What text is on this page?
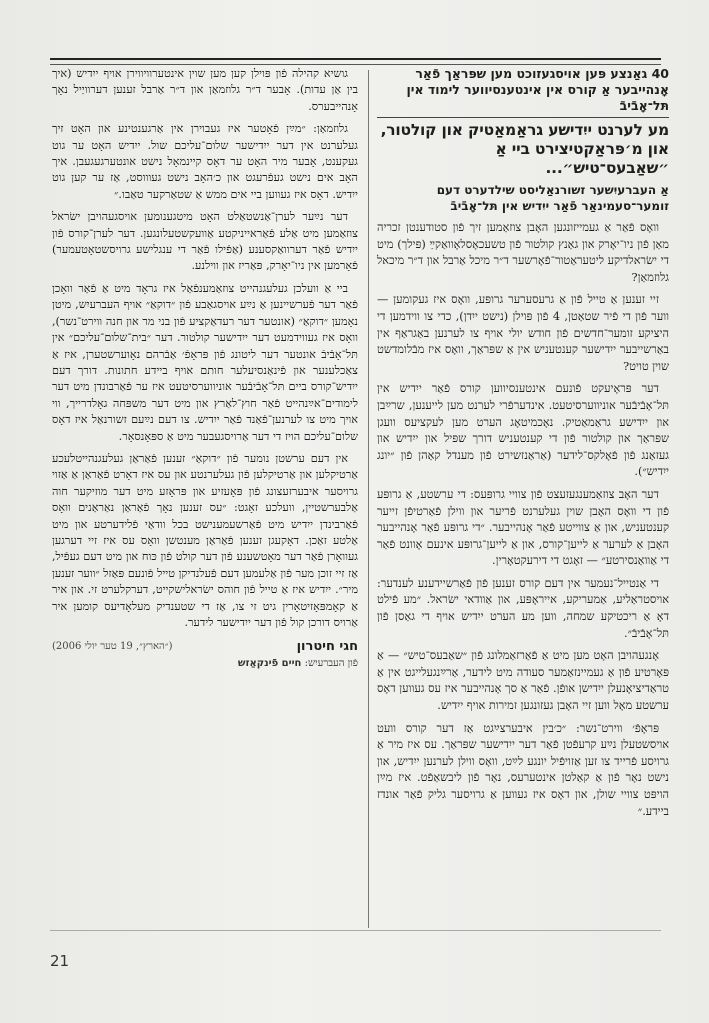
40 גאַנצע פּען אויסגעזוכט מען שפּראַך פֿאַר אָנהייבער אַ קורס אין אינטענסיווער לימוד אין תּל־אָבֿיבֿ
מע לערנט ייִדישע גראַמאַטיק און קולטור, און מ׳פּראַקטיצירט ביי אַ ״שאַבעס־טיש״...
אַ העברעיִשער זשורנאַליסט שילדערט דעם זומער־סעמינאַר פֿאַר ייִדיש אין תּל־אָבֿיבֿ

וואָס פֿאַר אַ געמייזונגען האָבן צוזאַמען זיך פֿון סטודענטן זכריה מאַן פֿון ניו־יאָרק און גאַנץ קולטור פֿון טשעכאָסלאָוואַקײַ (פּילך) מיט די ישׂראלדיקע ליטעראַטור־פֿאָרשער ד״ר מיכל אַרבל און ד״ר מיכאל גלוזמאַן?

זיי זענען אַ טייל פֿון אַ גרעסערער גרופּע, וואָס איז געקומען — ווער פֿון די פֿיר שטאַטן, 4 פֿון פּוילן (נישט ייִדן), כדי צו ווידמען די היציקע זומער־חדשים פֿון חודש יולי אויף צו לערנען באַגראַף אין באַרשייבער ייִדישער קענטעניש אין אַ שפּראַך, וואָס איז מבֿלומדשט שוין טויט?

דער פּראָיעקט פֿונעם אינטענסיווען קורס פֿאַר ייִדיש אין תּל־אָבֿיבֿער אוניווערסיטעט. אינדערפֿרי לערנט מען לייענען, שרײַבן און ייִדישע גראַמאַטיק. נאָכמיטאָג הערט מען לעקציעס וועגן שפּראַך און קולטור פֿון די קענטעניש דורך שפּיל און ייִדיש און געזאַנג פֿון פֿאָלקס־לידער (אַראַנזשירט פֿון מענדל קאַהן פֿון ״יונג ייִדיש״).

דער האָב צוזאַמענגעזעצט פֿון צוויי גרופּעס: די ערשטע, אַ גרופּע פֿון די וואָס האָבן שוין געלערנט פֿריער און ווילן פֿאַרטיפֿן זייער קענטעניש, און אַ צווייטע פֿאַר אָנהייבער. ״די גרופּע פֿאַר אָנהייבער האָבן אַ לערער אַ לייען־קורס, און אַ לייען־גרופּע אינעם אָוונט פֿאַר די אַוואַנסירטע״ — זאָגט די דירעקטאָרין.

די אַנטייל־נעמער אין דעם קורס זענען פֿון פֿאַרשיידענע לענדער: אויסטראַליע, אַמעריקע, אייראָפּע, און אַוודאי ישׂראל. ״מע פֿילט דאָ אַ ריכטיקע שמחה, ווען מע הערט ייִדיש אויף די גאַסן פֿון תּל־אָבֿיבֿ״.

אָנגעהויבן האָט מען מיט אַ פֿאַרזאַמלונג פֿון ״שאַבעס־טיש״ — אַ פּאָרטיע פֿון אַ געמיינזאַמער סעודה מיט לידער, אַרײַנגעלייגט אין אַ טראַדיציאָנעלן ייִדישן אופֿן. פֿאַר אַ סך אָנהייבער איז עס געווען דאָס ערשטע מאָל ווען זיי האָבן געזונגען זמירות אויף ייִדיש.

פּראָפֿ׳ ווירט־נשר: ״כ׳בין איבערצײַגט אַז דער קורס וועט אויסשטעלן נײַע קרעפֿטן פֿאַר דער ייִדישער שפּראַך. עס איז מיר אַ גרויסע פֿרייד צו זען אַזויפֿיל יונגע לײַט, וואָס ווילן לערנען ייִדיש, און נישט נאָר פֿון אַ קאַלטן אינטערעס, נאָר פֿון ליבשאַפֿט. איז מײַן הויפּט צוויי שולן, און דאָס איז געווען אַ גרויסער גליק פֿאַר אונדז ביידע.״

גושיא קהילה פֿון פּוילן קען מען שוין אינטערוויווירן אויף ייִדיש (איך בין אַן עדות). אָבער ד״ר גלוזמאַן און ד״ר אַרבל זענען דערוויַיל נאָך אָנהייבערס.

גלוזמאַן: ״מײַן פֿאָטער איז געבוירן אין אַרגענטינע און האָט זיך געלערנט אין דער ייִדישער שלום־עליכם שול. ייִדיש האָט ער גוט געקענט, אָבער מיר האָט ער דאָס קיינמאָל נישט אונטערגעגעבן. איך האָב אים נישט געפֿרעגט און כ׳האָב נישט געוווסט, אַז ער קען גוט ייִדיש. דאָס איז געווען ביי אים ממש אַ שטאַרקער טאַבו.״

דער נײַער לערן־אַנשטאַלט האָט מיטגענומען אויסגעהויבן ישׂראל צוזאַמען מיט אַלע פֿאַראייניקטע אַוועקשטעלונגען. דער לערן־קורס פֿון ייִדיש פֿאַר דערוואַקסענע (אַפֿילו פֿאַר די ענגלישע גרויסשטאָטעמער) פֿאָרמען אין ניו־יאָרק, פּאַריז און ווילנע.

ביי אַ וועלכן געלעגנהייט צוזאַמענפֿאַל איז גראָד מיט אַ פֿאַר וואָכן פֿאַר דער פֿערשיינען אַ נײַע אויסגאַבע פֿון ״דוקאַ״ אויף העברעיִש, מיטן נאָמען ״דוקאַ״ (אונטער דער רעדאַקציע פֿון בני מר און חנה ווירט־נשר), וואָס איז געווידמעט דער ייִדישער קולטור. דער ״בית־שלום־עליכם״ אין תּל־אָבֿיבֿ אונטער דער ליטונג פֿון פּראָפֿ׳ אַבֿרהם נאָוערשטערן, איז אַ צאַכלענער און פֿינאַנסיעלער חותם אויף ביידע חתונות. דורך דעם ייִדיש־קורס ביים תּל־אָבֿיבֿער אוניווערסיטעט איז ער פֿאַרבונדן מיט דער לימודים־אײַנהייט פֿאַר חוץ־לאַרץ און מיט דער משפּחה גאָלדרייך, ווי אויך מיט צו לערנען־פֿאַנד פֿאַר ייִדיש. צו דעם נײַעם זשורנאַל איז דאָס שלום־עליכם הויז די דער אַרויסגעבער מיט אַ ספּאָנסאָר.

אין דעם ערשטן נומער פֿון ״דוקאַ״ זענען פֿאַראַן געלעגנהייטלעכע אַרטיקלען און אַרטיקלען פֿון געלערנטע און עס איז דאָרט פֿאַראַן אַ אַזוי גרויסער איבערזעצונג פֿון פּאָעזיע און פּראָזע מיט דער מוזיקער חוה אַלבערשטיין, וועלכע זאָגט: ״עס זענען נאָך פֿאַראַן נאַראַנים וואָס פֿאַרבינדן ייִדיש מיט פֿאַרשעמענישט בכל וודאַי פֿלידערטע און מיט אַלטע זאַכן. דאָקעגן זענען פֿאַראַן מענטשן וואָס עס איז זיי דערגען געוואָרן פֿאַר דער מאָטשענע פֿון דער קולט פֿון כּוח און מיט דעם געפֿיל, אַז זיי זוכן מער פֿון אַלעמען דעם פֿעלנדיקן טייל פֿונעם פּאַזל ״ווער זענען מיר״. ייִדיש איז אַ טייל פֿון חוהס ישׂראלישקייט, דערקלערט זי. און איר אַ קאָמפּאָזיטאָרין גיט זי צו, אַז די שטענדיק מעלאָדיעס קומען איר אַרויס דורכן קול פֿון דער ייִדישער לידער.

חגי חיטרון
(״הארץ״, 19 טער יולי 2006)
פֿון העברעיִש: חיים פֿינקאַזש
21
